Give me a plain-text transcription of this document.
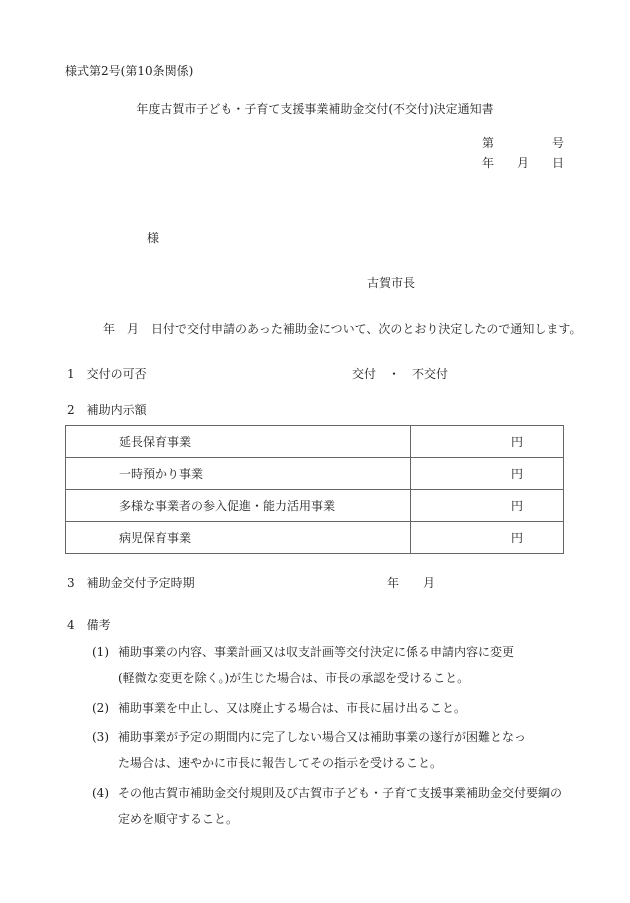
様式第2号(第10条関係)
年度古賀市子ども・子育て支援事業補助金交付(不交付)決定通知書
第	号
年 月 日
様
古賀市長
年　月　日付で交付申請のあった補助金について、次のとおり決定したので通知します。
1　交付の可否	交付　・　不交付
2　補助内示額
延長保育事業	円
一時預かり事業	円
多様な事業者の参入促進・能力活用事業	円
病児保育事業	円
3　補助金交付予定時期	年　　月
4　備考
(1) 補助事業の内容、事業計画又は収支計画等交付決定に係る申請内容に変更
(軽微な変更を除く。)が生じた場合は、市長の承認を受けること。
(2) 補助事業を中止し、又は廃止する場合は、市長に届け出ること。
(3) 補助事業が予定の期間内に完了しない場合又は補助事業の遂行が困難となっ
た場合は、速やかに市長に報告してその指示を受けること。
(4) その他古賀市補助金交付規則及び古賀市子ども・子育て支援事業補助金交付要綱の
定めを順守すること。
